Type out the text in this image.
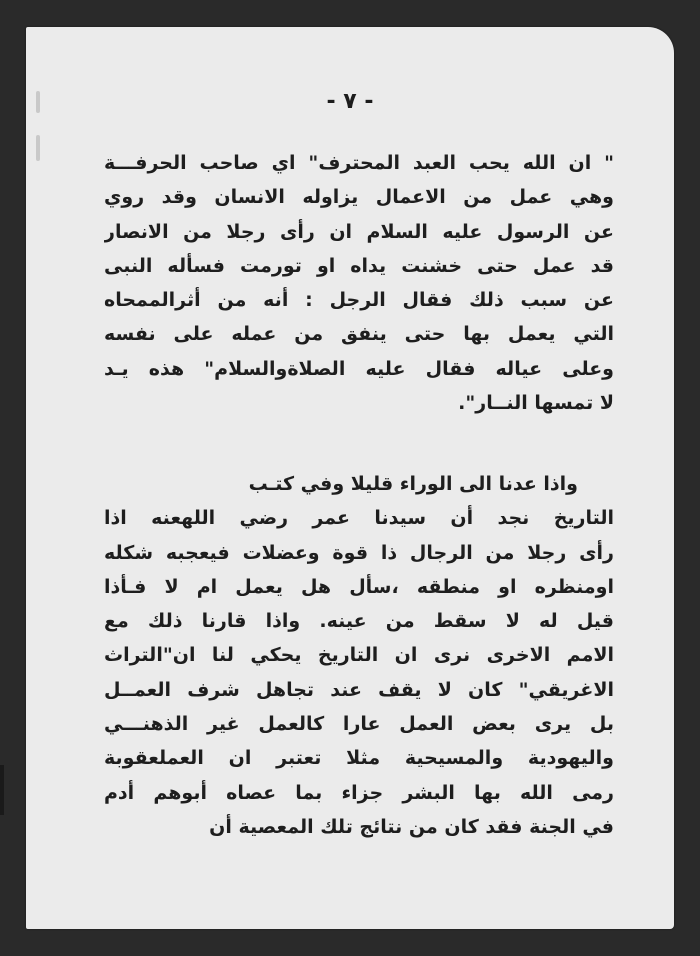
- ٧ -
" ان الله يحب العبد المحترف" اي صاحب الحرفـــة
وهي عمل من الاعمال يزاوله الانسان وقد روي
عن الرسول عليه السلام ان رأى رجلا من الانصار
قد عمل حتى خشنت يداه او تورمت فسأله النبى
عن سبب ذلك فقال الرجل : أنه من أثرالممحاه
التي يعمل بها حتى ينفق من عمله على نفسه
وعلى عياله فقال عليه الصلاةوالسلام" هذه يـد
لا تمسها النــار".
واذا عدنا الى الوراء قليلا وفي كتـب
التاريخ نجد أن سيدنا عمر رضي اللهعنه اذا
رأى رجلا من الرجال ذا قوة وعضلات فيعجبه شكله
اومنظره او منطقه ،سأل هل يعمل ام لا فـأذا
قيل له لا سقط من عينه. واذا قارنا ذلك مع
الامم الاخرى نرى ان التاريخ يحكي لنا ان"التراث
الاغريقي" كان لا يقف عند تجاهل شرف العمــل
بل يرى بعض العمل عارا كالعمل غير الذهنـــي
واليهودية والمسيحية مثلا تعتبر ان العملعقوبة
رمى الله بها البشر جزاء بما عصاه أبوهم أدم
في الجنة فقد كان من نتائج تلك المعصية أن
